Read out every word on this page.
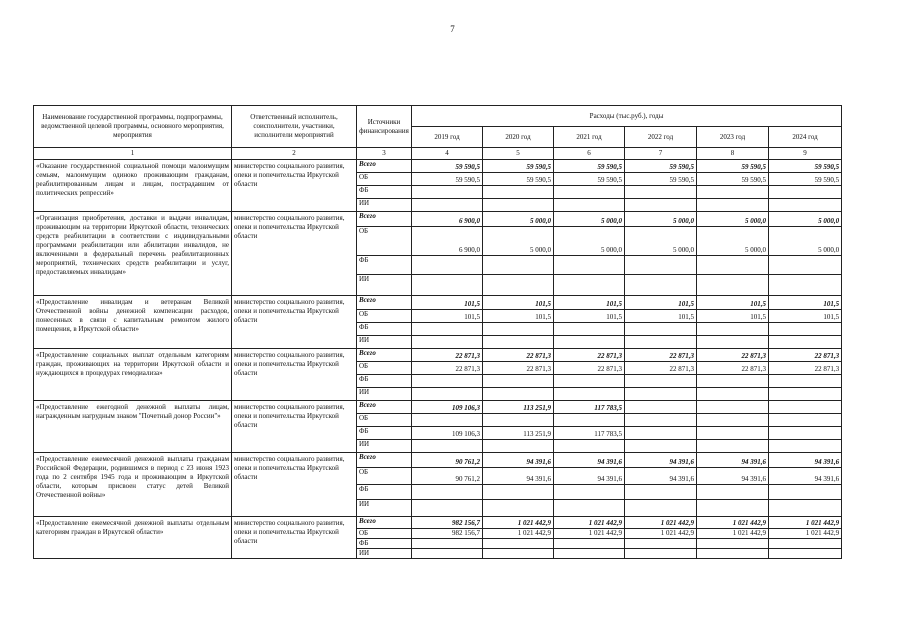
7
Наименование государственной программы, подпрограммы, ведомственной целевой программы, основного мероприятия, мероприятия	Ответственный исполнитель, соисполнители, участники, исполнители мероприятий	Источники финансирования	Расходы (тыс.руб.), годы					
			2019 год	2020 год	2021 год	2022 год	2023 год	2024 год
1	2	3	4	5	6	7	8	9
«Оказание государственной социальной помощи малоимущим семьям, малоимущим одиноко проживающим гражданам, реабилитированным лицам и лицам, пострадавшим от политических репрессий»	министерство социального развития, опеки и попечительства Иркутской области	Всего	59 590,5	59 590,5	59 590,5	59 590,5	59 590,5	59 590,5
		ОБ	59 590,5	59 590,5	59 590,5	59 590,5	59 590,5	59 590,5
		ФБ						
		ИИ						
«Организация приобретения, доставки и выдачи инвалидам, проживающим на территории Иркутской области, технических средств реабилитации в соответствии с индивидуальными программами реабилитации или абилитации инвалидов, не включенными в федеральный перечень реабилитационных мероприятий, технических средств реабилитации и услуг, предоставляемых инвалидам»	министерство социального развития, опеки и попечительства Иркутской области	Всего	6 900,0	5 000,0	5 000,0	5 000,0	5 000,0	5 000,0
		ОБ	6 900,0	5 000,0	5 000,0	5 000,0	5 000,0	5 000,0
		ФБ						
		ИИ						
«Предоставление инвалидам и ветеранам Великой Отечественной войны денежной компенсации расходов, понесенных в связи с капитальным ремонтом жилого помещения, в Иркутской области»	министерство социального развития, опеки и попечительства Иркутской области	Всего	101,5	101,5	101,5	101,5	101,5	101,5
		ОБ	101,5	101,5	101,5	101,5	101,5	101,5
		ФБ						
		ИИ						
«Предоставление социальных выплат отдельным категориям граждан, проживающих на территории Иркутской области и нуждающихся в процедурах гемодиализа»	министерство социального развития, опеки и попечительства Иркутской области	Всего	22 871,3	22 871,3	22 871,3	22 871,3	22 871,3	22 871,3
		ОБ	22 871,3	22 871,3	22 871,3	22 871,3	22 871,3	22 871,3
		ФБ						
		ИИ						
«Предоставление ежегодной денежной выплаты лицам, награжденным нагрудным знаком "Почетный донор России"»	министерство социального развития, опеки и попечительства Иркутской области	Всего	109 106,3	113 251,9	117 783,5			
		ОБ						
		ФБ	109 106,3	113 251,9	117 783,5			
		ИИ						
«Предоставление ежемесячной денежной выплаты гражданам Российской Федерации, родившимся в период с 23 июня 1923 года по 2 сентября 1945 года и проживающим в Иркутской области, которым присвоен статус детей Великой Отечественной войны»	министерство социального развития, опеки и попечительства Иркутской области	Всего	90 761,2	94 391,6	94 391,6	94 391,6	94 391,6	94 391,6
		ОБ	90 761,2	94 391,6	94 391,6	94 391,6	94 391,6	94 391,6
		ФБ						
		ИИ						
«Предоставление ежемесячной денежной выплаты отдельным категориям граждан в Иркутской области»	министерство социального развития, опеки и попечительства Иркутской области	Всего	982 156,7	1 021 442,9	1 021 442,9	1 021 442,9	1 021 442,9	1 021 442,9
		ОБ	982 156,7	1 021 442,9	1 021 442,9	1 021 442,9	1 021 442,9	1 021 442,9
		ФБ						
		ИИ						
